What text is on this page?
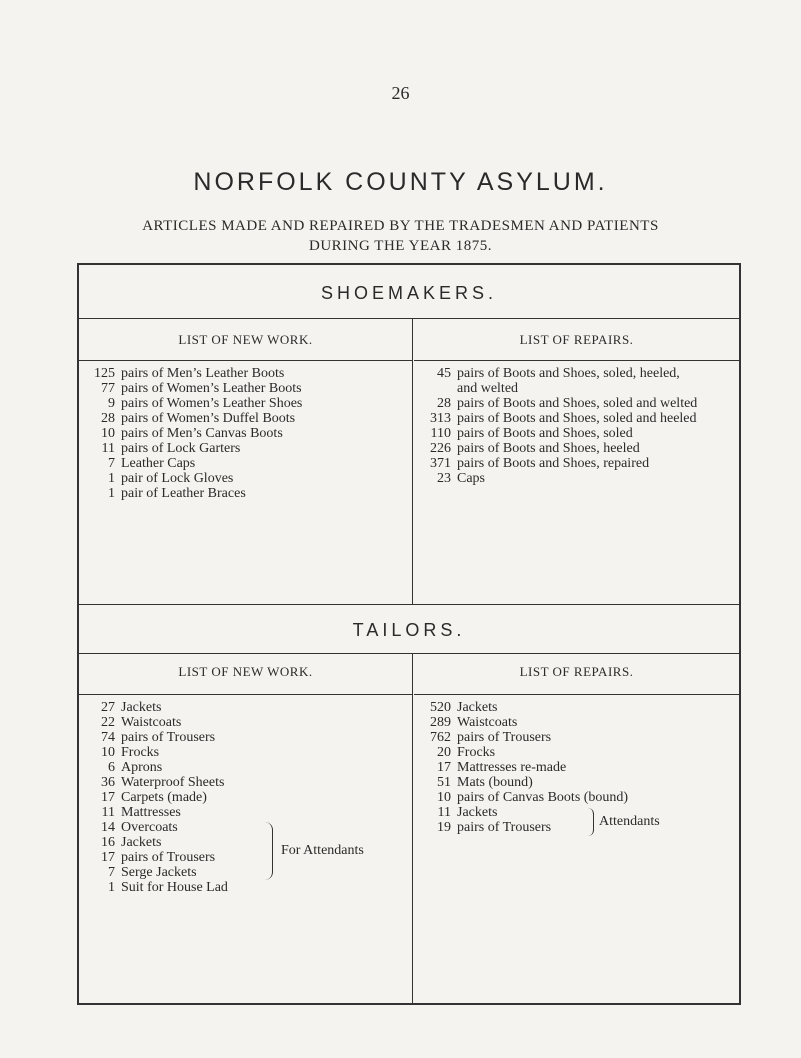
26
NORFOLK COUNTY ASYLUM.
ARTICLES MADE AND REPAIRED BY THE TRADESMEN AND PATIENTS
DURING THE YEAR 1875.
SHOEMAKERS.
LIST OF NEW WORK.	LIST OF REPAIRS.
125 pairs of Men’s Leather Boots
77 pairs of Women’s Leather Boots
9 pairs of Women’s Leather Shoes
28 pairs of Women’s Duffel Boots
10 pairs of Men’s Canvas Boots
11 pairs of Lock Garters
7 Leather Caps
1 pair of Lock Gloves
1 pair of Leather Braces
45 pairs of Boots and Shoes, soled, heeled,
and welted
28 pairs of Boots and Shoes, soled and welted
313 pairs of Boots and Shoes, soled and heeled
110 pairs of Boots and Shoes, soled
226 pairs of Boots and Shoes, heeled
371 pairs of Boots and Shoes, repaired
23 Caps
TAILORS.
LIST OF NEW WORK.	LIST OF REPAIRS.
27 Jackets
22 Waistcoats
74 pairs of Trousers
10 Frocks
6 Aprons
36 Waterproof Sheets
17 Carpets (made)
11 Mattresses
14 Overcoats
16 Jackets
17 pairs of Trousers
7 Serge Jackets
1 Suit for House Lad
For Attendants
520 Jackets
289 Waistcoats
762 pairs of Trousers
20 Frocks
17 Mattresses re-made
51 Mats (bound)
10 pairs of Canvas Boots (bound)
11 Jackets
19 pairs of Trousers	Attendants
